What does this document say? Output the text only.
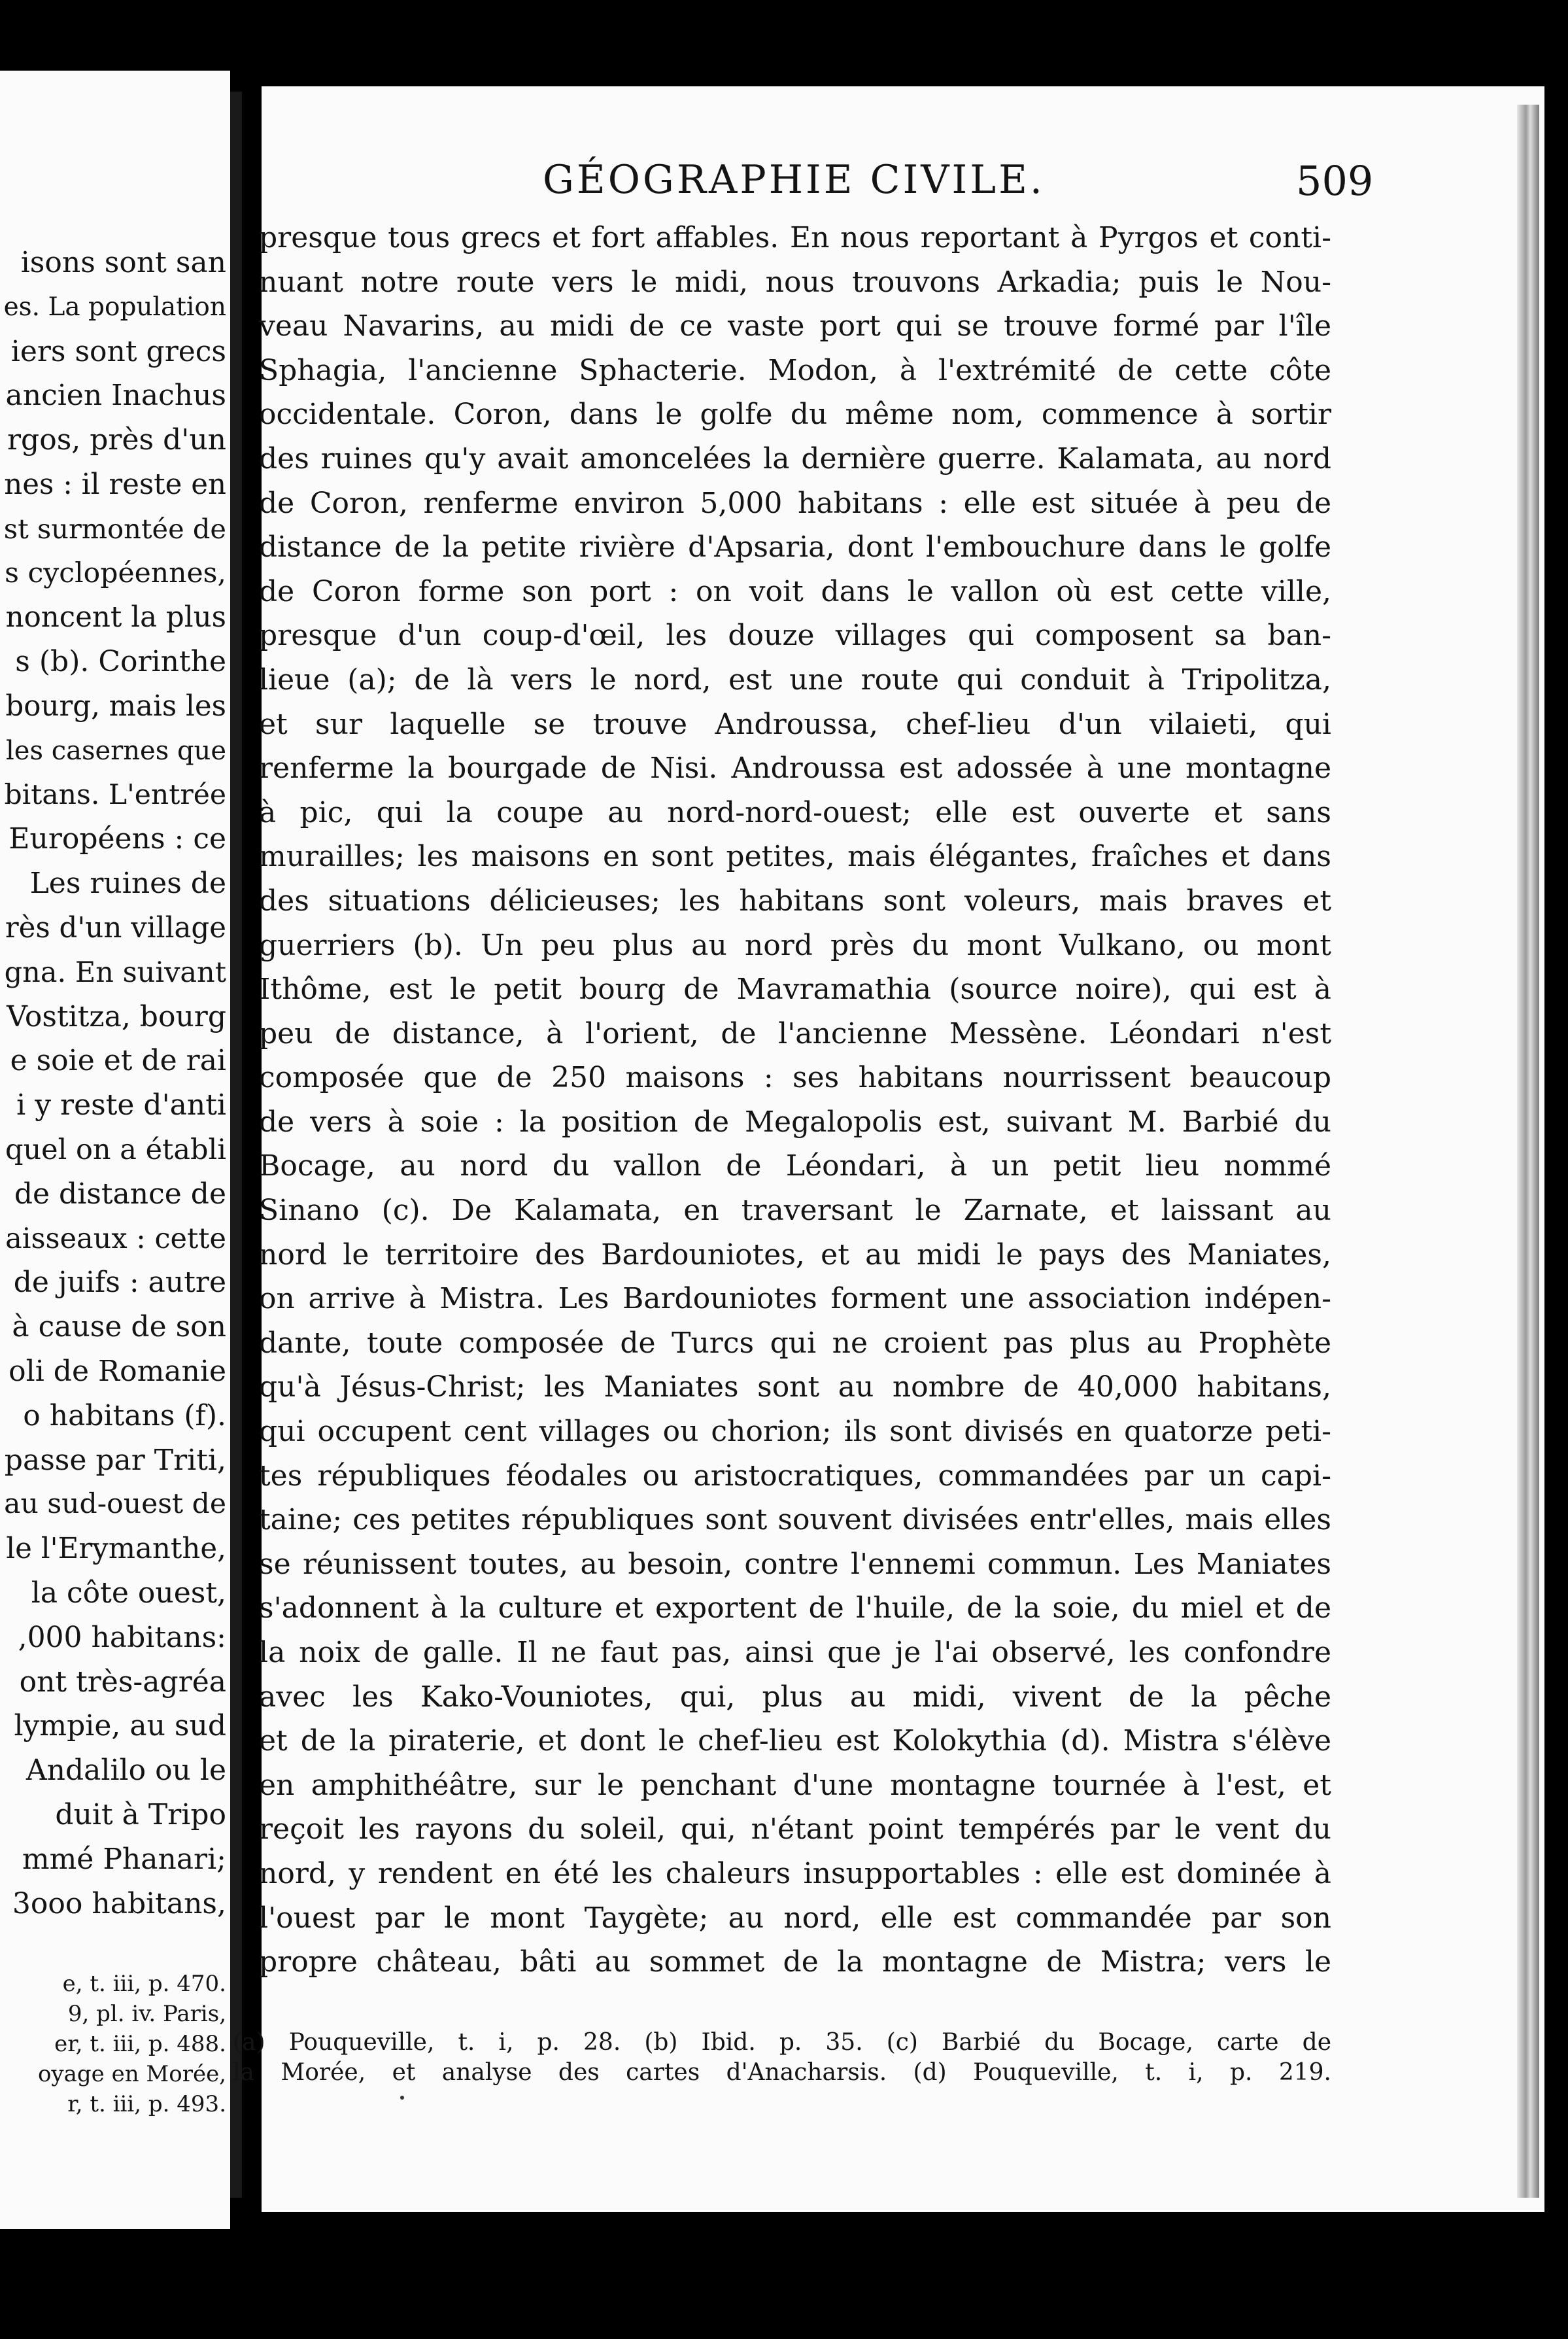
isons sont san
es. La population
iers sont grecs
ancien Inachus
rgos, près d'un
nes : il reste en
st surmontée de
s cyclopéennes,
noncent la plus
s (b). Corinthe
bourg, mais les
les casernes que
bitans. L'entrée
Européens : ce
Les ruines de
rès d'un village
gna. En suivant
Vostitza, bourg
e soie et de rai
i y reste d'anti
quel on a établi
de distance de
aisseaux : cette
de juifs : autre
à cause de son
oli de Romanie
o habitans (f).
passe par Triti,
au sud-ouest de
le l'Erymanthe,
la côte ouest,
,000 habitans:
ont très-agréa
lympie, au sud
Andalilo ou le
duit à Tripo
mmé Phanari;
3ooo habitans,
e, t. iii, p. 470.
9, pl. iv. Paris,
er, t. iii, p. 488.
oyage en Morée,
r, t. iii, p. 493.
GÉOGRAPHIE CIVILE.	509
presque tous grecs et fort affables. En nous reportant à Pyrgos et conti-
nuant notre route vers le midi, nous trouvons Arkadia; puis le Nou-
veau Navarins, au midi de ce vaste port qui se trouve formé par l'île
Sphagia, l'ancienne Sphacterie. Modon, à l'extrémité de cette côte
occidentale. Coron, dans le golfe du même nom, commence à sortir
des ruines qu'y avait amoncelées la dernière guerre. Kalamata, au nord
de Coron, renferme environ 5,000 habitans : elle est située à peu de
distance de la petite rivière d'Apsaria, dont l'embouchure dans le golfe
de Coron forme son port : on voit dans le vallon où est cette ville,
presque d'un coup-d'œil, les douze villages qui composent sa ban-
lieue (a); de là vers le nord, est une route qui conduit à Tripolitza,
et sur laquelle se trouve Androussa, chef-lieu d'un vilaieti, qui
renferme la bourgade de Nisi. Androussa est adossée à une montagne
à pic, qui la coupe au nord-nord-ouest; elle est ouverte et sans
murailles; les maisons en sont petites, mais élégantes, fraîches et dans
des situations délicieuses; les habitans sont voleurs, mais braves et
guerriers (b). Un peu plus au nord près du mont Vulkano, ou mont
Ithôme, est le petit bourg de Mavramathia (source noire), qui est à
peu de distance, à l'orient, de l'ancienne Messène. Léondari n'est
composée que de 250 maisons : ses habitans nourrissent beaucoup
de vers à soie : la position de Megalopolis est, suivant M. Barbié du
Bocage, au nord du vallon de Léondari, à un petit lieu nommé
Sinano (c). De Kalamata, en traversant le Zarnate, et laissant au
nord le territoire des Bardouniotes, et au midi le pays des Maniates,
on arrive à Mistra. Les Bardouniotes forment une association indépen-
dante, toute composée de Turcs qui ne croient pas plus au Prophète
qu'à Jésus-Christ; les Maniates sont au nombre de 40,000 habitans,
qui occupent cent villages ou chorion; ils sont divisés en quatorze peti-
tes républiques féodales ou aristocratiques, commandées par un capi-
taine; ces petites républiques sont souvent divisées entr'elles, mais elles
se réunissent toutes, au besoin, contre l'ennemi commun. Les Maniates
s'adonnent à la culture et exportent de l'huile, de la soie, du miel et de
la noix de galle. Il ne faut pas, ainsi que je l'ai observé, les confondre
avec les Kako-Vouniotes, qui, plus au midi, vivent de la pêche
et de la piraterie, et dont le chef-lieu est Kolokythia (d). Mistra s'élève
en amphithéâtre, sur le penchant d'une montagne tournée à l'est, et
reçoit les rayons du soleil, qui, n'étant point tempérés par le vent du
nord, y rendent en été les chaleurs insupportables : elle est dominée à
l'ouest par le mont Taygète; au nord, elle est commandée par son
propre château, bâti au sommet de la montagne de Mistra; vers le
(a) Pouqueville, t. i, p. 28. (b) Ibid. p. 35. (c) Barbié du Bocage, carte de
la Morée, et analyse des cartes d'Anacharsis. (d) Pouqueville, t. i, p. 219.
